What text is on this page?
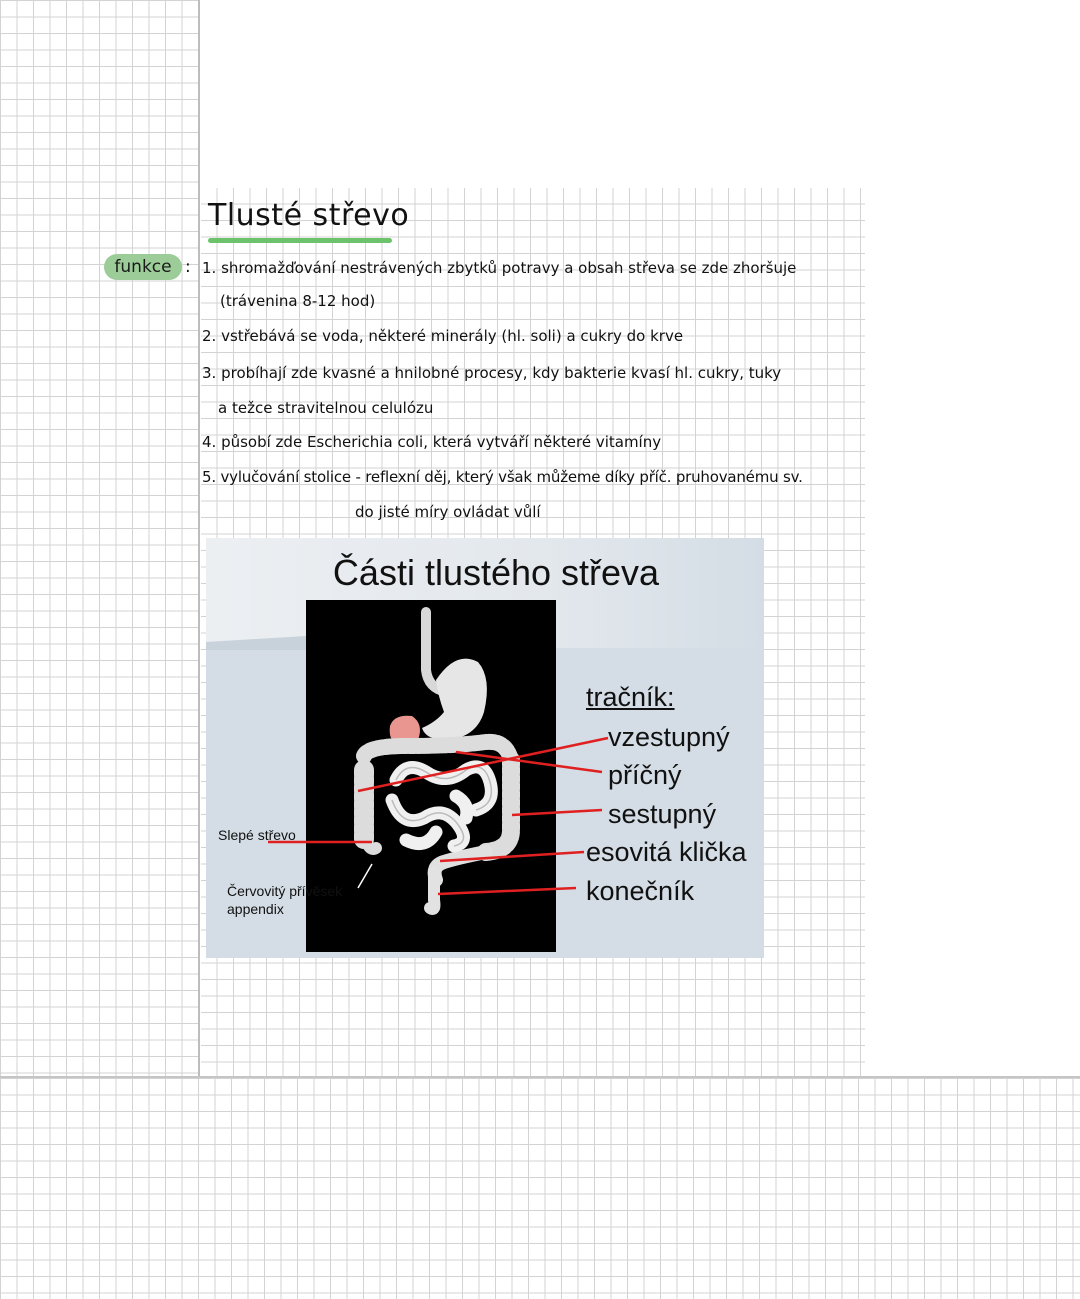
Tlusté střevo
funkce : 1. shromažďování nestrávených zbytků potravy a obsah střeva se zde zhoršuje
(trávenina 8-12 hod)
2. vstřebává se voda, některé minerály (hl. soli) a cukry do krve
3. probíhají zde kvasné a hnilobné procesy, kdy bakterie kvasí hl. cukry, tuky
a težce stravitelnou celulózu
4. působí zde Escherichia coli, která vytváří některé vitamíny
5. vylučování stolice - reflexní děj, který však můžeme díky příč. pruhovanému sv.
do jisté míry ovládat vůlí
Části tlustého střeva
tračník:
vzestupný
příčný
sestupný
esovitá klička
konečník
Slepé střevo
Červovitý přívěsek
appendix
